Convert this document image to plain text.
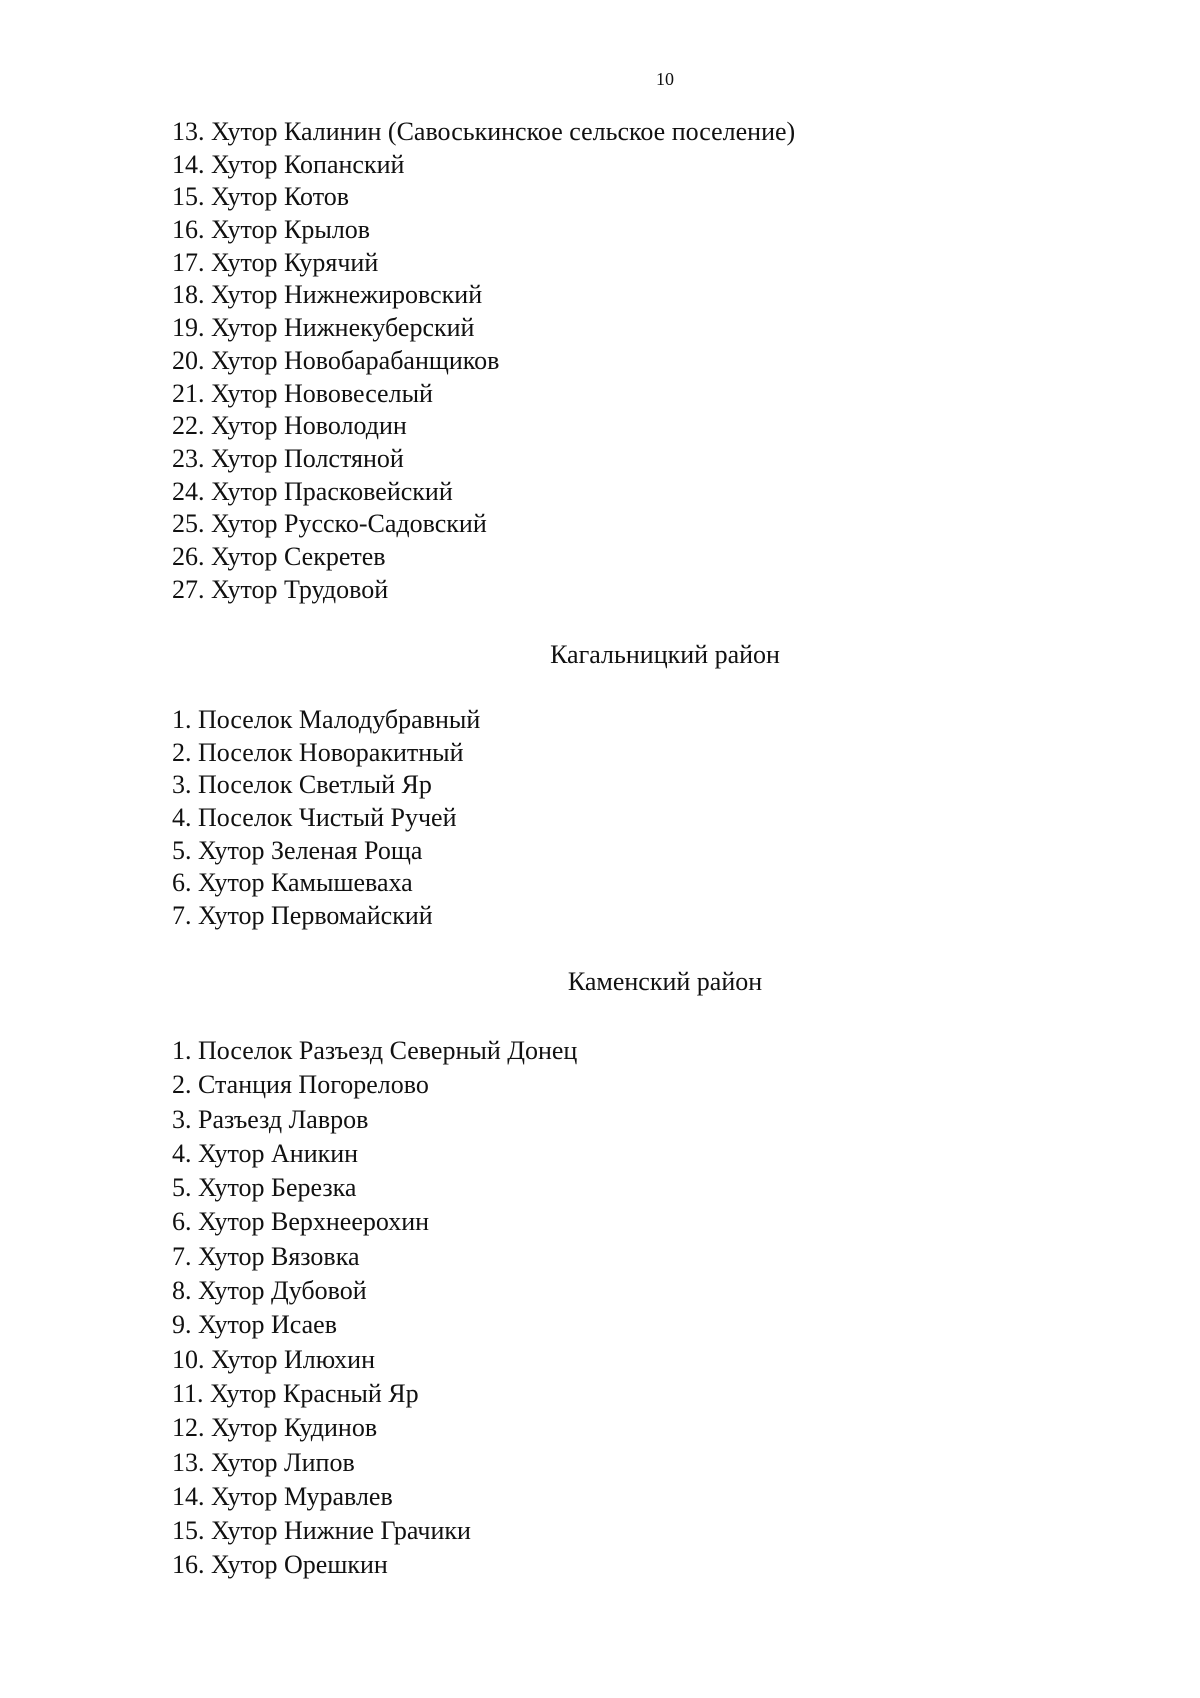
10
13. Хутор Калинин (Савоськинское сельское поселение)
14. Хутор Копанский
15. Хутор Котов
16. Хутор Крылов
17. Хутор Курячий
18. Хутор Нижнежировский
19. Хутор Нижнекуберский
20. Хутор Новобарабанщиков
21. Хутор Нововеселый
22. Хутор Новолодин
23. Хутор Полстяной
24. Хутор Прасковейский
25. Хутор Русско-Садовский
26. Хутор Секретев
27. Хутор Трудовой
Кагальницкий район
1. Поселок Малодубравный
2. Поселок Новоракитный
3. Поселок Светлый Яр
4. Поселок Чистый Ручей
5. Хутор Зеленая Роща
6. Хутор Камышеваха
7. Хутор Первомайский
Каменский район
1. Поселок Разъезд Северный Донец
2. Станция Погорелово
3. Разъезд Лавров
4. Хутор Аникин
5. Хутор Березка
6. Хутор Верхнеерохин
7. Хутор Вязовка
8. Хутор Дубовой
9. Хутор Исаев
10. Хутор Илюхин
11. Хутор Красный Яр
12. Хутор Кудинов
13. Хутор Липов
14. Хутор Муравлев
15. Хутор Нижние Грачики
16. Хутор Орешкин
